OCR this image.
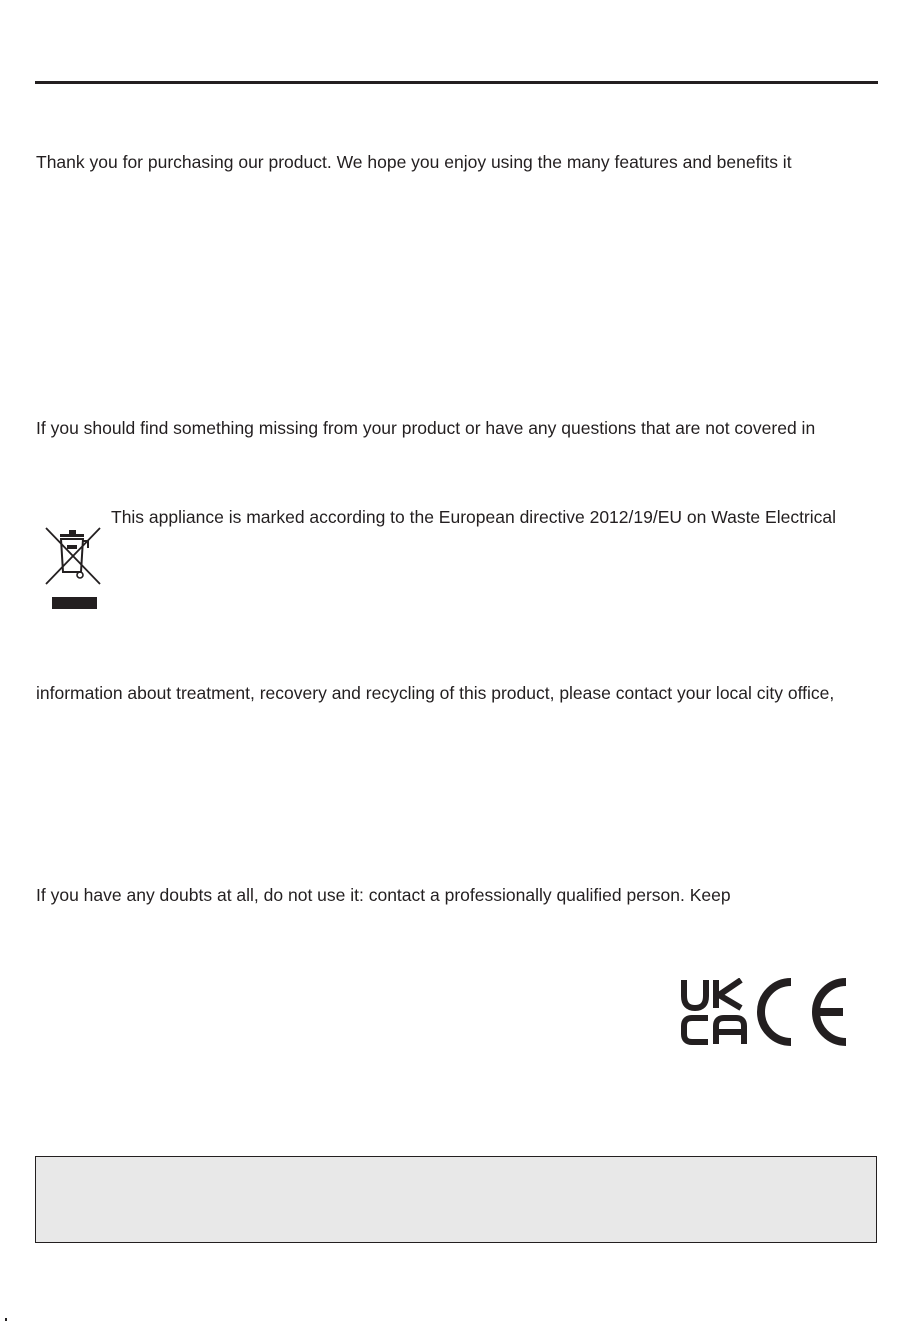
Thank you for purchasing our product. We hope you enjoy using the many features and benefits it

If you should find something missing from your product or have any questions that are not covered in

This appliance is marked according to the European directive 2012/19/EU on Waste Electrical

information about treatment, recovery and recycling of this product, please contact your local city office,

If you have any doubts at all, do not use it: contact a professionally qualified person. Keep
